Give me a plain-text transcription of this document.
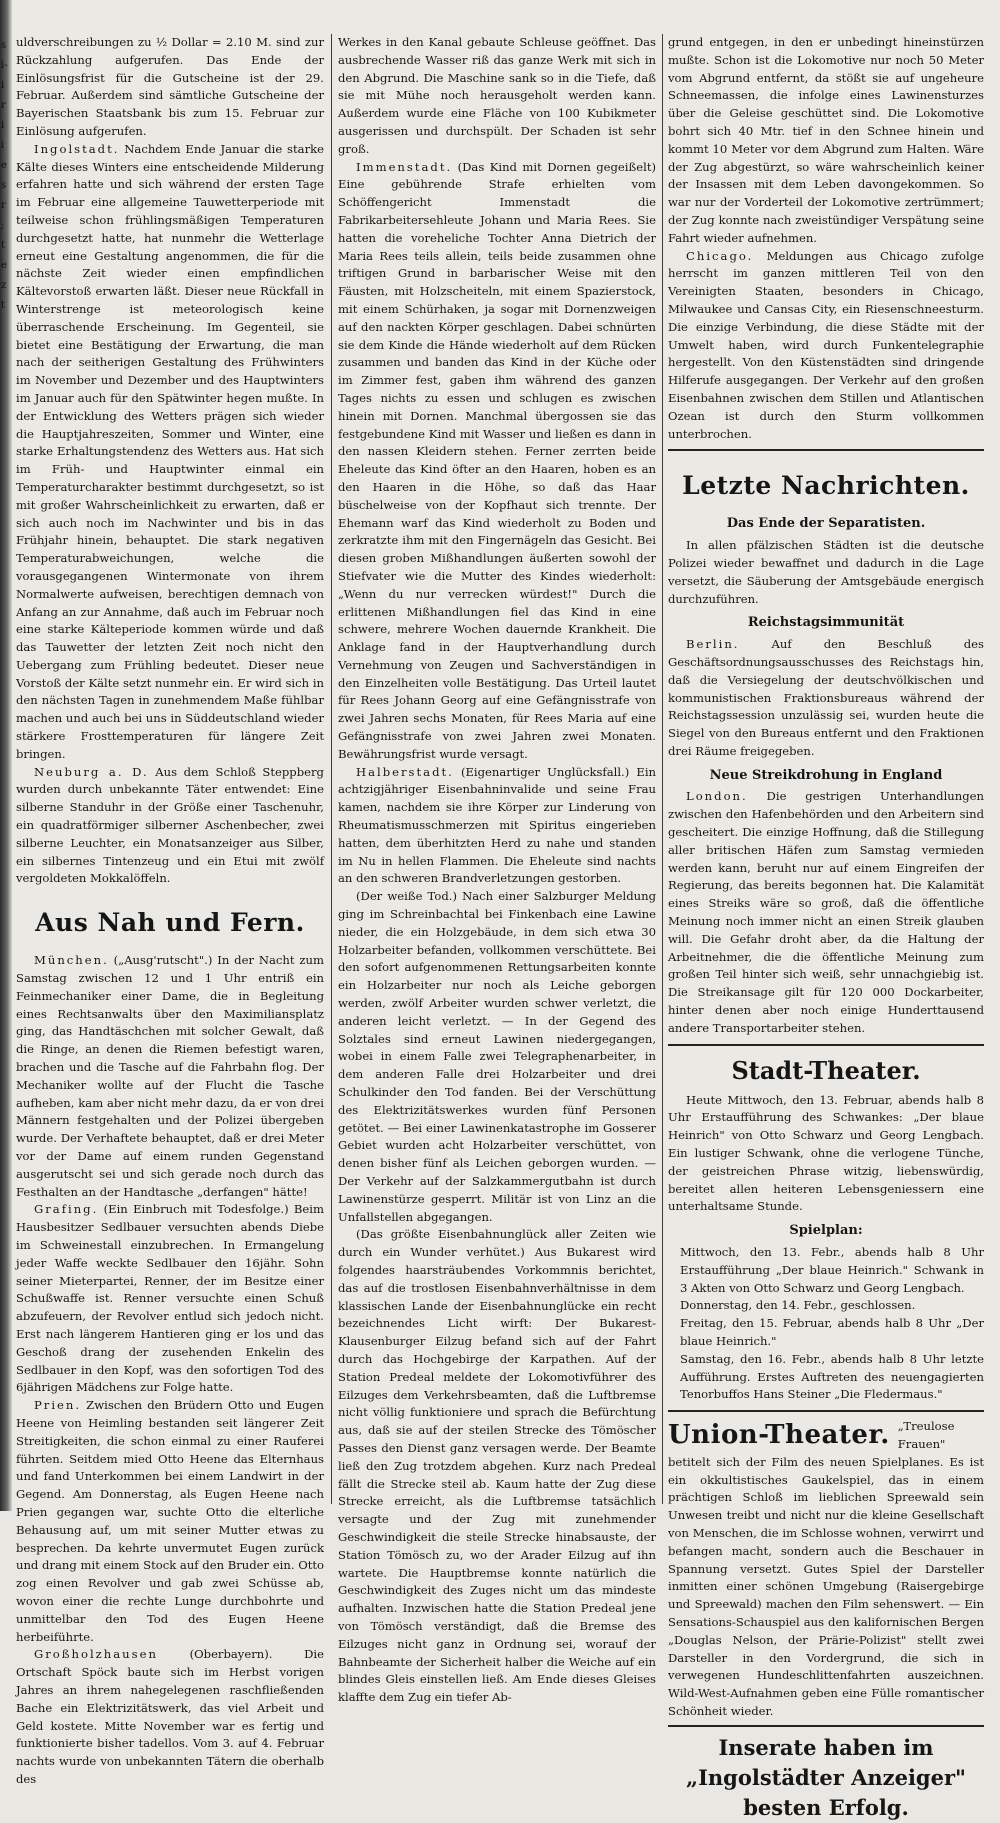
s
i-
i
r
i
i
e
s
r
;
t
e
z
t

uldverschreibungen zu ½ Dollar = 2.10 M. sind zur Rückzahlung aufgerufen. Das Ende der Einlösungsfrist für die Gutscheine ist der 29. Februar. Außerdem sind sämtliche Gutscheine der Bayerischen Staatsbank bis zum 15. Februar zur Einlösung aufgerufen.

Ingolstadt. Nachdem Ende Januar die starke Kälte dieses Winters eine entscheidende Milderung erfahren hatte und sich während der ersten Tage im Februar eine allgemeine Tauwetterperiode mit teilweise schon frühlingsmäßigen Temperaturen durchgesetzt hatte, hat nunmehr die Wetterlage erneut eine Gestaltung angenommen, die für die nächste Zeit wieder einen empfindlichen Kältevorstoß erwarten läßt. Dieser neue Rückfall in Winterstrenge ist meteorologisch keine überraschende Erscheinung. Im Gegenteil, sie bietet eine Bestätigung der Erwartung, die man nach der seitherigen Gestaltung des Frühwinters im November und Dezember und des Hauptwinters im Januar auch für den Spätwinter hegen mußte. In der Entwicklung des Wetters prägen sich wieder die Hauptjahreszeiten, Sommer und Winter, eine starke Erhaltungstendenz des Wetters aus. Hat sich im Früh- und Hauptwinter einmal ein Temperaturcharakter bestimmt durchgesetzt, so ist mit großer Wahrscheinlichkeit zu erwarten, daß er sich auch noch im Nachwinter und bis in das Frühjahr hinein, behauptet. Die stark negativen Temperaturabweichungen, welche die vorausgegangenen Wintermonate von ihrem Normalwerte aufweisen, berechtigen demnach von Anfang an zur Annahme, daß auch im Februar noch eine starke Kälteperiode kommen würde und daß das Tauwetter der letzten Zeit noch nicht den Uebergang zum Frühling bedeutet. Dieser neue Vorstoß der Kälte setzt nunmehr ein. Er wird sich in den nächsten Tagen in zunehmendem Maße fühlbar machen und auch bei uns in Süddeutschland wieder stärkere Frosttemperaturen für längere Zeit bringen.

Neuburg a. D. Aus dem Schloß Steppberg wurden durch unbekannte Täter entwendet: Eine silberne Standuhr in der Größe einer Taschenuhr, ein quadratförmiger silberner Aschenbecher, zwei silberne Leuchter, ein Monatsanzeiger aus Silber, ein silbernes Tintenzeug und ein Etui mit zwölf vergoldeten Mokkalöffeln.

Aus Nah und Fern.

München. („Ausg'rutscht".) In der Nacht zum Samstag zwischen 12 und 1 Uhr entriß ein Feinmechaniker einer Dame, die in Begleitung eines Rechtsanwalts über den Maximiliansplatz ging, das Handtäschchen mit solcher Gewalt, daß die Ringe, an denen die Riemen befestigt waren, brachen und die Tasche auf die Fahrbahn flog. Der Mechaniker wollte auf der Flucht die Tasche aufheben, kam aber nicht mehr dazu, da er von drei Männern festgehalten und der Polizei übergeben wurde. Der Verhaftete behauptet, daß er drei Meter vor der Dame auf einem runden Gegenstand ausgerutscht sei und sich gerade noch durch das Festhalten an der Handtasche „derfangen" hätte!

Grafing. (Ein Einbruch mit Todesfolge.) Beim Hausbesitzer Sedlbauer versuchten abends Diebe im Schweinestall einzubrechen. In Ermangelung jeder Waffe weckte Sedlbauer den 16jähr. Sohn seiner Mieterpartei, Renner, der im Besitze einer Schußwaffe ist. Renner versuchte einen Schuß abzufeuern, der Revolver entlud sich jedoch nicht. Erst nach längerem Hantieren ging er los und das Geschoß drang der zusehenden Enkelin des Sedlbauer in den Kopf, was den sofortigen Tod des 6jährigen Mädchens zur Folge hatte.

Prien. Zwischen den Brüdern Otto und Eugen Heene von Heimling bestanden seit längerer Zeit Streitigkeiten, die schon einmal zu einer Rauferei führten. Seitdem mied Otto Heene das Elternhaus und fand Unterkommen bei einem Landwirt in der Gegend. Am Donnerstag, als Eugen Heene nach Prien gegangen war, suchte Otto die elterliche Behausung auf, um mit seiner Mutter etwas zu besprechen. Da kehrte unvermutet Eugen zurück und drang mit einem Stock auf den Bruder ein. Otto zog einen Revolver und gab zwei Schüsse ab, wovon einer die rechte Lunge durchbohrte und unmittelbar den Tod des Eugen Heene herbeiführte.

Großholzhausen (Oberbayern). Die Ortschaft Spöck baute sich im Herbst vorigen Jahres an ihrem nahegelegenen raschfließenden Bache ein Elektrizitätswerk, das viel Arbeit und Geld kostete. Mitte November war es fertig und funktionierte bisher tadellos. Vom 3. auf 4. Februar nachts wurde von unbekannten Tätern die oberhalb des

Werkes in den Kanal gebaute Schleuse geöffnet. Das ausbrechende Wasser riß das ganze Werk mit sich in den Abgrund. Die Maschine sank so in die Tiefe, daß sie mit Mühe noch herausgeholt werden kann. Außerdem wurde eine Fläche von 100 Kubikmeter ausgerissen und durchspült. Der Schaden ist sehr groß.

Immenstadt. (Das Kind mit Dornen gegeißelt) Eine gebührende Strafe erhielten vom Schöffengericht Immenstadt die Fabrikarbeitersehleute Johann und Maria Rees. Sie hatten die voreheliche Tochter Anna Dietrich der Maria Rees teils allein, teils beide zusammen ohne triftigen Grund in barbarischer Weise mit den Fäusten, mit Holzscheiteln, mit einem Spazierstock, mit einem Schürhaken, ja sogar mit Dornenzweigen auf den nackten Körper geschlagen. Dabei schnürten sie dem Kinde die Hände wiederholt auf dem Rücken zusammen und banden das Kind in der Küche oder im Zimmer fest, gaben ihm während des ganzen Tages nichts zu essen und schlugen es zwischen hinein mit Dornen. Manchmal übergossen sie das festgebundene Kind mit Wasser und ließen es dann in den nassen Kleidern stehen. Ferner zerrten beide Eheleute das Kind öfter an den Haaren, hoben es an den Haaren in die Höhe, so daß das Haar büschelweise von der Kopfhaut sich trennte. Der Ehemann warf das Kind wiederholt zu Boden und zerkratzte ihm mit den Fingernägeln das Gesicht. Bei diesen groben Mißhandlungen äußerten sowohl der Stiefvater wie die Mutter des Kindes wiederholt: „Wenn du nur verrecken würdest!" Durch die erlittenen Mißhandlungen fiel das Kind in eine schwere, mehrere Wochen dauernde Krankheit. Die Anklage fand in der Hauptverhandlung durch Vernehmung von Zeugen und Sachverständigen in den Einzelheiten volle Bestätigung. Das Urteil lautet für Rees Johann Georg auf eine Gefängnisstrafe von zwei Jahren sechs Monaten, für Rees Maria auf eine Gefängnisstrafe von zwei Jahren zwei Monaten. Bewährungsfrist wurde versagt.

Halberstadt. (Eigenartiger Unglücksfall.) Ein achtzigjähriger Eisenbahninvalide und seine Frau kamen, nachdem sie ihre Körper zur Linderung von Rheumatismusschmerzen mit Spiritus eingerieben hatten, dem überhitzten Herd zu nahe und standen im Nu in hellen Flammen. Die Eheleute sind nachts an den schweren Brandverletzungen gestorben.

(Der weiße Tod.) Nach einer Salzburger Meldung ging im Schreinbachtal bei Finkenbach eine Lawine nieder, die ein Holzgebäude, in dem sich etwa 30 Holzarbeiter befanden, vollkommen verschüttete. Bei den sofort aufgenommenen Rettungsarbeiten konnte ein Holzarbeiter nur noch als Leiche geborgen werden, zwölf Arbeiter wurden schwer verletzt, die anderen leicht verletzt. — In der Gegend des Solztales sind erneut Lawinen niedergegangen, wobei in einem Falle zwei Telegraphenarbeiter, in dem anderen Falle drei Holzarbeiter und drei Schulkinder den Tod fanden. Bei der Verschüttung des Elektrizitätswerkes wurden fünf Personen getötet. — Bei einer Lawinenkatastrophe im Gosserer Gebiet wurden acht Holzarbeiter verschüttet, von denen bisher fünf als Leichen geborgen wurden. — Der Verkehr auf der Salzkammergutbahn ist durch Lawinenstürze gesperrt. Militär ist von Linz an die Unfallstellen abgegangen.

(Das größte Eisenbahnunglück aller Zeiten wie durch ein Wunder verhütet.) Aus Bukarest wird folgendes haarsträubendes Vorkommnis berichtet, das auf die trostlosen Eisenbahnverhältnisse in dem klassischen Lande der Eisenbahnunglücke ein recht bezeichnendes Licht wirft: Der Bukarest-Klausenburger Eilzug befand sich auf der Fahrt durch das Hochgebirge der Karpathen. Auf der Station Predeal meldete der Lokomotivführer des Eilzuges dem Verkehrsbeamten, daß die Luftbremse nicht völlig funktioniere und sprach die Befürchtung aus, daß sie auf der steilen Strecke des Tömöscher Passes den Dienst ganz versagen werde. Der Beamte ließ den Zug trotzdem abgehen. Kurz nach Predeal fällt die Strecke steil ab. Kaum hatte der Zug diese Strecke erreicht, als die Luftbremse tatsächlich versagte und der Zug mit zunehmender Geschwindigkeit die steile Strecke hinabsauste, der Station Tömösch zu, wo der Arader Eilzug auf ihn wartete. Die Hauptbremse konnte natürlich die Geschwindigkeit des Zuges nicht um das mindeste aufhalten. Inzwischen hatte die Station Predeal jene von Tömösch verständigt, daß die Bremse des Eilzuges nicht ganz in Ordnung sei, worauf der Bahnbeamte der Sicherheit halber die Weiche auf ein blindes Gleis einstellen ließ. Am Ende dieses Gleises klaffte dem Zug ein tiefer Ab-

grund entgegen, in den er unbedingt hineinstürzen mußte. Schon ist die Lokomotive nur noch 50 Meter vom Abgrund entfernt, da stößt sie auf ungeheure Schneemassen, die infolge eines Lawinensturzes über die Geleise geschüttet sind. Die Lokomotive bohrt sich 40 Mtr. tief in den Schnee hinein und kommt 10 Meter vor dem Abgrund zum Halten. Wäre der Zug abgestürzt, so wäre wahrscheinlich keiner der Insassen mit dem Leben davongekommen. So war nur der Vorderteil der Lokomotive zertrümmert; der Zug konnte nach zweistündiger Verspätung seine Fahrt wieder aufnehmen.

Chicago. Meldungen aus Chicago zufolge herrscht im ganzen mittleren Teil von den Vereinigten Staaten, besonders in Chicago, Milwaukee und Cansas City, ein Riesenschneesturm. Die einzige Verbindung, die diese Städte mit der Umwelt haben, wird durch Funkentelegraphie hergestellt. Von den Küstenstädten sind dringende Hilferufe ausgegangen. Der Verkehr auf den großen Eisenbahnen zwischen dem Stillen und Atlantischen Ozean ist durch den Sturm vollkommen unterbrochen.

Letzte Nachrichten.
Das Ende der Separatisten.

In allen pfälzischen Städten ist die deutsche Polizei wieder bewaffnet und dadurch in die Lage versetzt, die Säuberung der Amtsgebäude energisch durchzuführen.

Reichstagsimmunität

Berlin. Auf den Beschluß des Geschäftsordnungsausschusses des Reichstags hin, daß die Versiegelung der deutschvölkischen und kommunistischen Fraktionsbureaus während der Reichstagssession unzulässig sei, wurden heute die Siegel von den Bureaus entfernt und den Fraktionen drei Räume freigegeben.

Neue Streikdrohung in England

London. Die gestrigen Unterhandlungen zwischen den Hafenbehörden und den Arbeitern sind gescheitert. Die einzige Hoffnung, daß die Stillegung aller britischen Häfen zum Samstag vermieden werden kann, beruht nur auf einem Eingreifen der Regierung, das bereits begonnen hat. Die Kalamität eines Streiks wäre so groß, daß die öffentliche Meinung noch immer nicht an einen Streik glauben will. Die Gefahr droht aber, da die Haltung der Arbeitnehmer, die die öffentliche Meinung zum großen Teil hinter sich weiß, sehr unnachgiebig ist. Die Streikansage gilt für 120 000 Dockarbeiter, hinter denen aber noch einige Hunderttausend andere Transportarbeiter stehen.

Stadt-Theater.

Heute Mittwoch, den 13. Februar, abends halb 8 Uhr Erstaufführung des Schwankes: „Der blaue Heinrich" von Otto Schwarz und Georg Lengbach. Ein lustiger Schwank, ohne die verlogene Tünche, der geistreichen Phrase witzig, liebenswürdig, bereitet allen heiteren Lebensgeniessern eine unterhaltsame Stunde.

Spielplan:

Mittwoch, den 13. Febr., abends halb 8 Uhr Erstaufführung „Der blaue Heinrich." Schwank in 3 Akten von Otto Schwarz und Georg Lengbach.

Donnerstag, den 14. Febr., geschlossen.

Freitag, den 15. Februar, abends halb 8 Uhr „Der blaue Heinrich."

Samstag, den 16. Febr., abends halb 8 Uhr letzte Aufführung. Erstes Auftreten des neuengagierten Tenorbuffos Hans Steiner „Die Fledermaus."

Union-Theater. „Treulose Frauen" betitelt sich der Film des neuen Spielplanes. Es ist ein okkultistisches Gaukelspiel, das in einem prächtigen Schloß im lieblichen Spreewald sein Unwesen treibt und nicht nur die kleine Gesellschaft von Menschen, die im Schlosse wohnen, verwirrt und befangen macht, sondern auch die Beschauer in Spannung versetzt. Gutes Spiel der Darsteller inmitten einer schönen Umgebung (Raisergebirge und Spreewald) machen den Film sehenswert. — Ein Sensations-Schauspiel aus den kalifornischen Bergen „Douglas Nelson, der Prärie-Polizist" stellt zwei Darsteller in den Vordergrund, die sich in verwegenen Hundeschlittenfahrten auszeichnen. Wild-West-Aufnahmen geben eine Fülle romantischer Schönheit wieder.

Inserate haben im „Ingolstädter Anzeiger" besten Erfolg.
